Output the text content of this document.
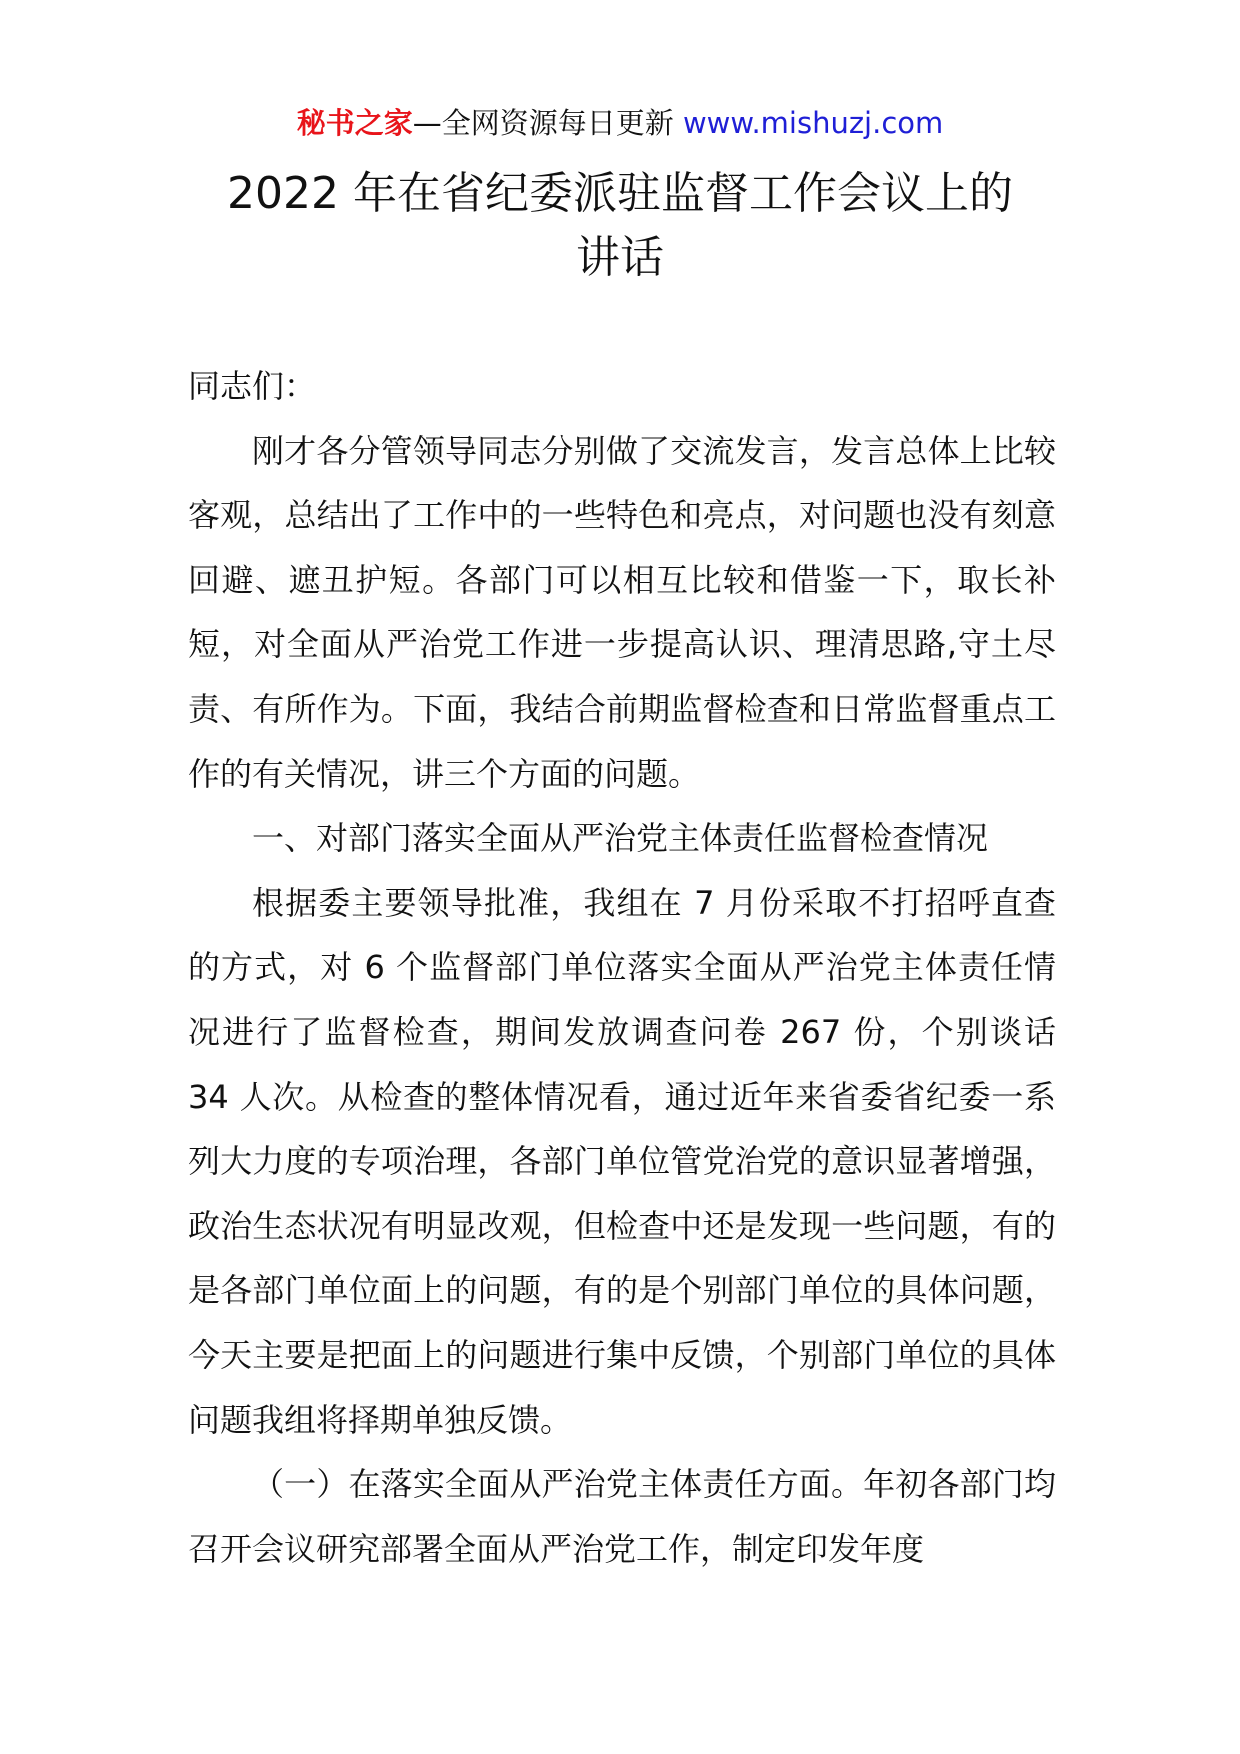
秘书之家—全网资源每日更新 www.mishuzj.com
2022 年在省纪委派驻监督工作会议上的
讲话

同志们：

刚才各分管领导同志分别做了交流发言，发言总体上比较客观，总结出了工作中的一些特色和亮点，对问题也没有刻意回避、遮丑护短。各部门可以相互比较和借鉴一下，取长补短，对全面从严治党工作进一步提高认识、理清思路,守土尽责、有所作为。下面，我结合前期监督检查和日常监督重点工作的有关情况，讲三个方面的问题。

一、对部门落实全面从严治党主体责任监督检查情况

根据委主要领导批准，我组在 7 月份采取不打招呼直查的方式，对 6 个监督部门单位落实全面从严治党主体责任情况进行了监督检查，期间发放调查问卷 267 份，个别谈话 34 人次。从检查的整体情况看，通过近年来省委省纪委一系列大力度的专项治理，各部门单位管党治党的意识显著增强，政治生态状况有明显改观，但检查中还是发现一些问题，有的是各部门单位面上的问题，有的是个别部门单位的具体问题，今天主要是把面上的问题进行集中反馈，个别部门单位的具体问题我组将择期单独反馈。

（一）在落实全面从严治党主体责任方面。年初各部门均召开会议研究部署全面从严治党工作，制定印发年度
